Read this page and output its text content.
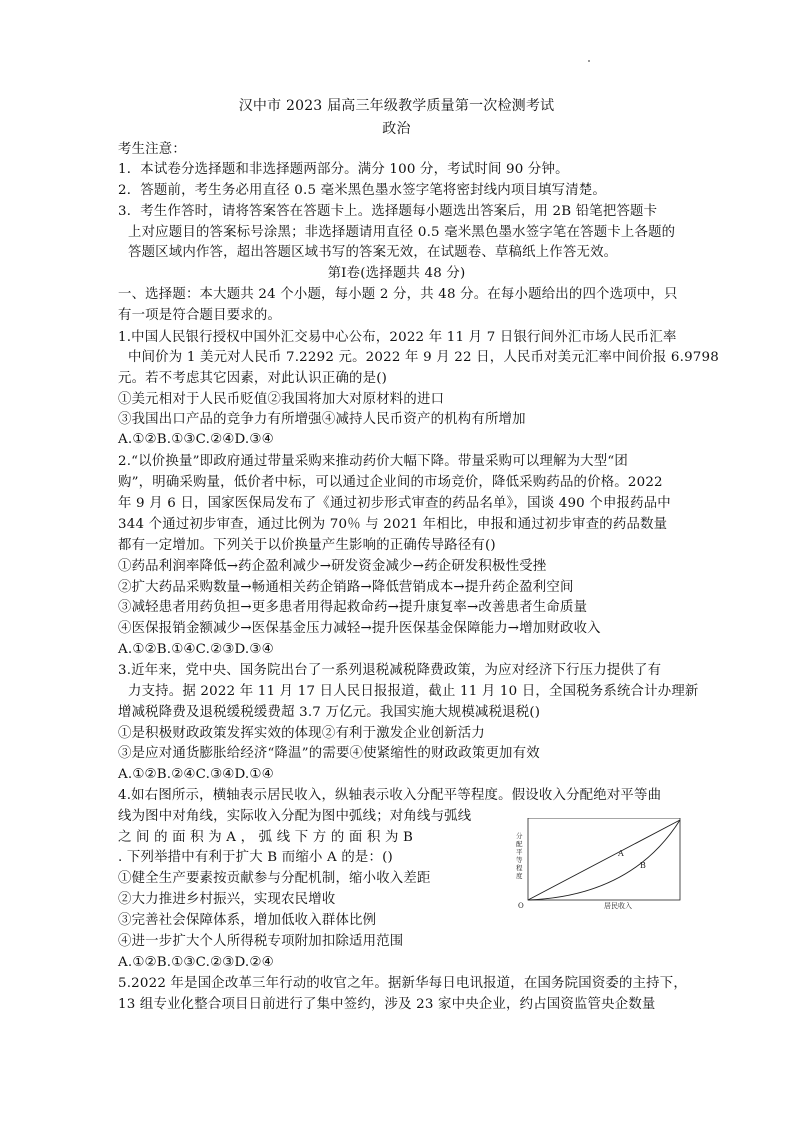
汉中市 2023 届高三年级教学质量第一次检测考试
政治
考生注意：
1．本试卷分选择题和非选择题两部分。满分 100 分，考试时间 90 分钟。
2．答题前，考生务必用直径 0.5 毫米黑色墨水签字笔将密封线内项目填写清楚。
3．考生作答时，请将答案答在答题卡上。选择题每小题选出答案后，用 2B 铅笔把答题卡
上对应题目的答案标号涂黑；非选择题请用直径 0.5 毫米黑色墨水签字笔在答题卡上各题的
答题区域内作答，超出答题区域书写的答案无效，在试题卷、草稿纸上作答无效。
第Ⅰ卷(选择题共 48 分)
一、选择题：本大题共 24 个小题，每小题 2 分，共 48 分。在每小题给出的四个选项中，只
有一项是符合题目要求的。
1.中国人民银行授权中国外汇交易中心公布，2022 年 11 月 7 日银行间外汇市场人民币汇率
中间价为 1 美元对人民币 7.2292 元。2022 年 9 月 22 日，人民币对美元汇率中间价报 6.9798
元。若不考虑其它因素，对此认识正确的是()
①美元相对于人民币贬值②我国将加大对原材料的进口
③我国出口产品的竞争力有所增强④减持人民币资产的机构有所增加
A.①②B.①③C.②④D.③④
2.“以价换量”即政府通过带量采购来推动药价大幅下降。带量采购可以理解为大型“团
购”，明确采购量，低价者中标，可以通过企业间的市场竞价，降低采购药品的价格。2022
年 9 月 6 日，国家医保局发布了《通过初步形式审查的药品名单》，国谈 490 个申报药品中
344 个通过初步审查，通过比例为 70％ 与 2021 年相比，申报和通过初步审查的药品数量
都有一定增加。下列关于以价换量产生影响的正确传导路径有()
①药品利润率降低→药企盈利减少→研发资金减少→药企研发积极性受挫
②扩大药品采购数量→畅通相关药企销路→降低营销成本→提升药企盈利空间
③减轻患者用药负担→更多患者用得起救命药→提升康复率→改善患者生命质量
④医保报销金额减少→医保基金压力减轻→提升医保基金保障能力→增加财政收入
A.①②B.①④C.②③D.③④
3.近年来，党中央、国务院出台了一系列退税减税降费政策，为应对经济下行压力提供了有
力支持。据 2022 年 11 月 17 日人民日报报道，截止 11 月 10 日，全国税务系统合计办理新
增减税降费及退税缓税缓费超 3.7 万亿元。我国实施大规模减税退税()
①是积极财政政策发挥实效的体现②有利于激发企业创新活力
③是应对通货膨胀给经济“降温”的需要④使紧缩性的财政政策更加有效
A.①②B.②④C.③④D.①④
4.如右图所示，横轴表示居民收入，纵轴表示收入分配平等程度。假设收入分配绝对平等曲
线为图中对角线，实际收入分配为图中弧线；对角线与弧线
之 间 的 面 积 为 A ， 弧 线 下 方 的 面 积 为 B
. 下列举措中有利于扩大 B 而缩小 A 的是：()
①健全生产要素按贡献参与分配机制，缩小收入差距
②大力推进乡村振兴，实现农民增收
③完善社会保障体系，增加低收入群体比例
④进一步扩大个人所得税专项附加扣除适用范围
A.①②B.①③C.②③D.②④
分配平等程度
O	居民收入
A
B
5.2022 年是国企改革三年行动的收官之年。据新华每日电讯报道，在国务院国资委的主持下，
13 组专业化整合项目日前进行了集中签约，涉及 23 家中央企业，约占国资监管央企数量
